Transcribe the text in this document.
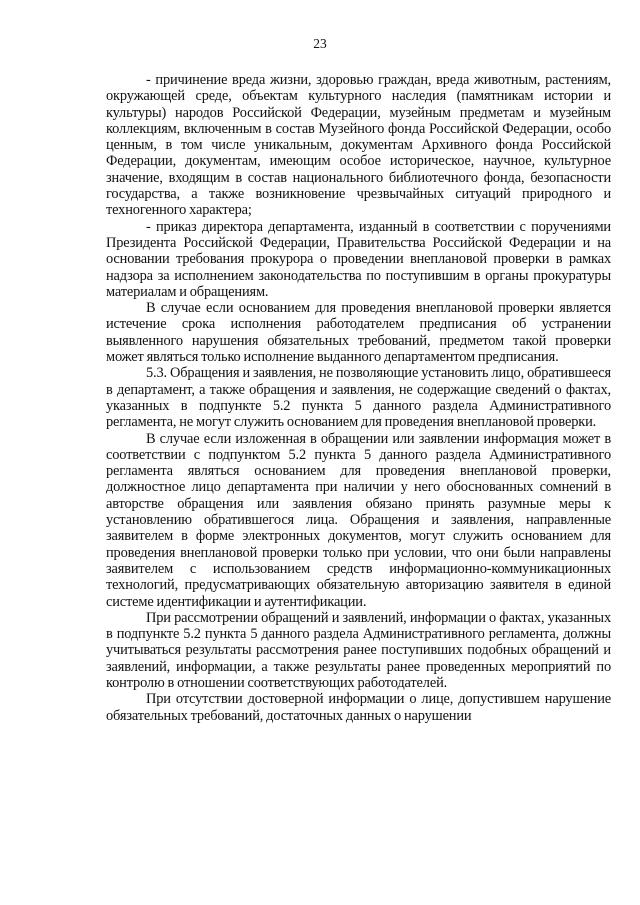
23

- причинение вреда жизни, здоровью граждан, вреда животным, растениям, окружающей среде, объектам культурного наследия (памятникам истории и культуры) народов Российской Федерации, музейным предметам и музейным коллекциям, включенным в состав Музейного фонда Российской Федерации, особо ценным, в том числе уникальным, документам Архивного фонда Российской Федерации, документам, имеющим особое историческое, научное, культурное значение, входящим в состав национального библиотечного фонда, безопасности государства, а также возникновение чрезвычайных ситуаций природного и техногенного характера;

- приказ директора департамента, изданный в соответствии с поручениями Президента Российской Федерации, Правительства Российской Федерации и на основании требования прокурора о проведении внеплановой проверки в рамках надзора за исполнением законодательства по поступившим в органы прокуратуры материалам и обращениям.

В случае если основанием для проведения внеплановой проверки является истечение срока исполнения работодателем предписания об устранении выявленного нарушения обязательных требований, предметом такой проверки может являться только исполнение выданного департаментом предписания.

5.3. Обращения и заявления, не позволяющие установить лицо, обратившееся в департамент, а также обращения и заявления, не содержащие сведений о фактах, указанных в подпункте 5.2 пункта 5 данного раздела Административного регламента, не могут служить основанием для проведения внеплановой проверки.

В случае если изложенная в обращении или заявлении информация может в соответствии с подпунктом 5.2 пункта 5 данного раздела Административного регламента являться основанием для проведения внеплановой проверки, должностное лицо департамента при наличии у него обоснованных сомнений в авторстве обращения или заявления обязано принять разумные меры к установлению обратившегося лица. Обращения и заявления, направленные заявителем в форме электронных документов, могут служить основанием для проведения внеплановой проверки только при условии, что они были направлены заявителем с использованием средств информационно-коммуникационных технологий, предусматривающих обязательную авторизацию заявителя в единой системе идентификации и аутентификации.

При рассмотрении обращений и заявлений, информации о фактах, указанных в подпункте 5.2 пункта 5 данного раздела Административного регламента, должны учитываться результаты рассмотрения ранее поступивших подобных обращений и заявлений, информации, а также результаты ранее проведенных мероприятий по контролю в отношении соответствующих работодателей.

При отсутствии достоверной информации о лице, допустившем нарушение обязательных требований, достаточных данных о нарушении
